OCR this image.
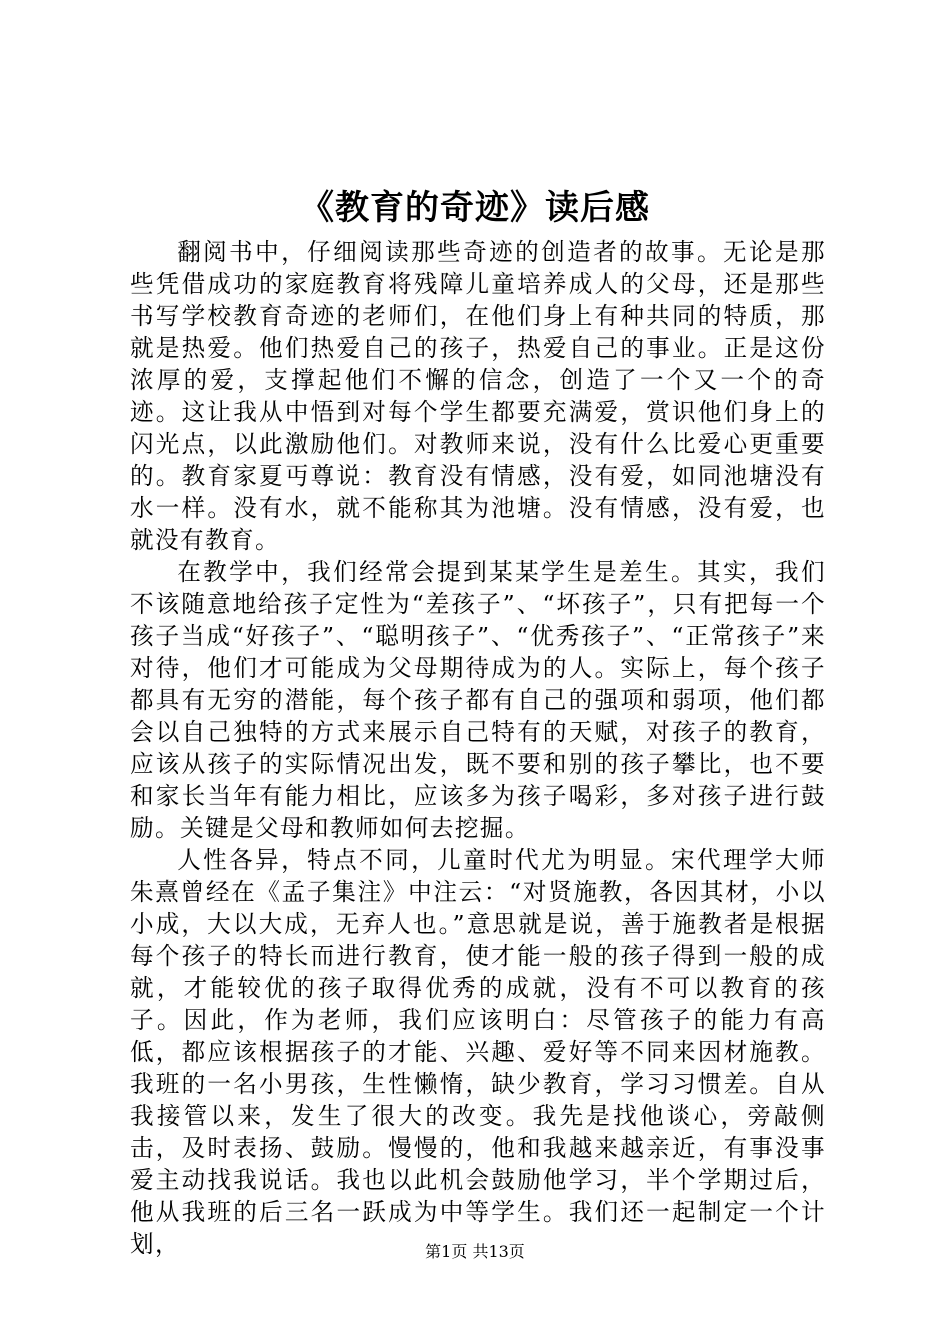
《教育的奇迹》读后感

翻阅书中，仔细阅读那些奇迹的创造者的故事。无论是那些凭借成功的家庭教育将残障儿童培养成人的父母，还是那些书写学校教育奇迹的老师们，在他们身上有种共同的特质，那就是热爱。他们热爱自己的孩子，热爱自己的事业。正是这份浓厚的爱，支撑起他们不懈的信念，创造了一个又一个的奇迹。这让我从中悟到对每个学生都要充满爱，赏识他们身上的闪光点，以此激励他们。对教师来说，没有什么比爱心更重要的。教育家夏丏尊说：教育没有情感，没有爱，如同池塘没有水一样。没有水，就不能称其为池塘。没有情感，没有爱，也就没有教育。

在教学中，我们经常会提到某某学生是差生。其实，我们不该随意地给孩子定性为“差孩子”、“坏孩子”，只有把每一个孩子当成“好孩子”、“聪明孩子”、“优秀孩子”、“正常孩子”来对待，他们才可能成为父母期待成为的人。实际上，每个孩子都具有无穷的潜能，每个孩子都有自己的强项和弱项，他们都会以自己独特的方式来展示自己特有的天赋，对孩子的教育，应该从孩子的实际情况出发，既不要和别的孩子攀比，也不要和家长当年有能力相比，应该多为孩子喝彩，多对孩子进行鼓励。关键是父母和教师如何去挖掘。

人性各异，特点不同，儿童时代尤为明显。宋代理学大师朱熹曾经在《孟子集注》中注云：“对贤施教，各因其材，小以小成，大以大成，无弃人也。”意思就是说，善于施教者是根据每个孩子的特长而进行教育，使才能一般的孩子得到一般的成就，才能较优的孩子取得优秀的成就，没有不可以教育的孩子。因此，作为老师，我们应该明白：尽管孩子的能力有高低，都应该根据孩子的才能、兴趣、爱好等不同来因材施教。我班的一名小男孩，生性懒惰，缺少教育，学习习惯差。自从我接管以来，发生了很大的改变。我先是找他谈心，旁敲侧击，及时表扬、鼓励。慢慢的，他和我越来越亲近，有事没事爱主动找我说话。我也以此机会鼓励他学习，半个学期过后，他从我班的后三名一跃成为中等学生。我们还一起制定一个计划，	第1页 共13页
